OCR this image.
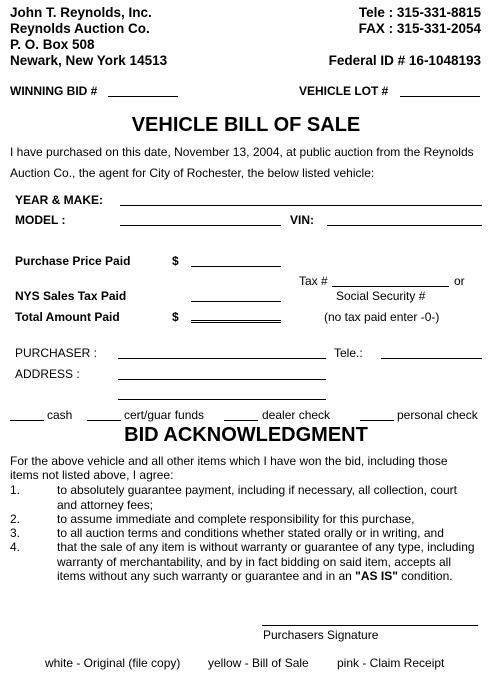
John T. Reynolds, Inc.
Reynolds Auction Co.
P. O. Box 508
Newark, New York 14513
Tele : 315-331-8815
FAX : 315-331-2054
Federal ID # 16-1048193
WINNING BID #	VEHICLE LOT #
VEHICLE BILL OF SALE
I have purchased on this date, November 13, 2004, at public auction from the Reynolds
Auction Co., the agent for City of Rochester, the below listed vehicle:
YEAR & MAKE:
MODEL :	VIN:
Purchase Price Paid	$
Tax #	or
NYS Sales Tax Paid	Social Security #
Total Amount Paid	$	(no tax paid enter -0-)
PURCHASER :	Tele.:
ADDRESS :
cash	cert/guar funds	dealer check	personal check
BID ACKNOWLEDGMENT
For the above vehicle and all other items which I have won the bid, including those
items not listed above, I agree:
1.	to absolutely guarantee payment, including if necessary, all collection, court
and attorney fees;
2.	to assume immediate and complete responsibility for this purchase,
3.	to all auction terms and conditions whether stated orally or in writing, and
4.	that the sale of any item is without warranty or guarantee of any type, including
warranty of merchantability, and by in fact bidding on said item, accepts all
items without any such warranty or guarantee and in an "AS IS" condition.
Purchasers Signature
white - Original (file copy) yellow - Bill of Sale pink - Claim Receipt
